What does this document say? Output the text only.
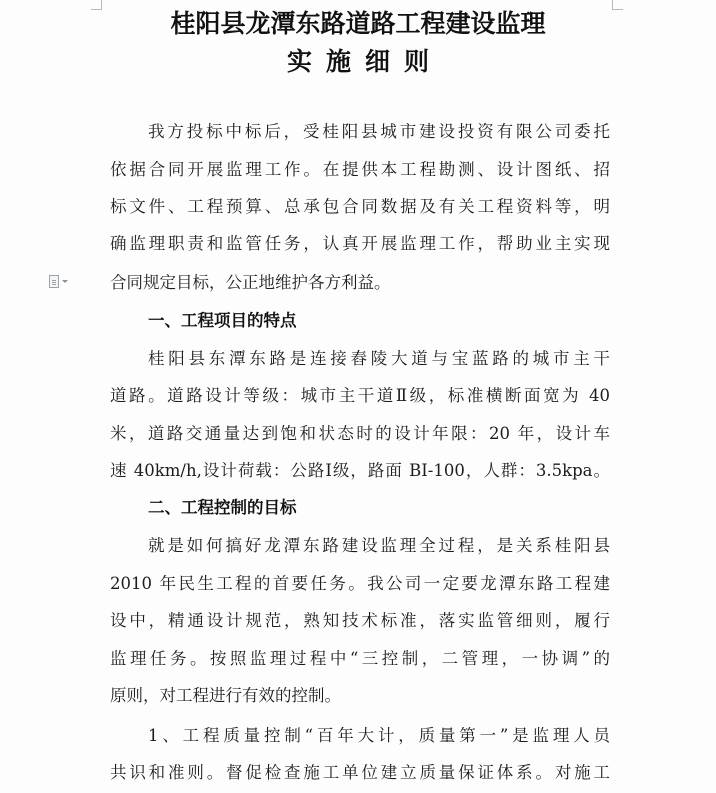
桂阳县龙潭东路道路工程建设监理
实施细则
我方投标中标后，受桂阳县城市建设投资有限公司委托
依据合同开展监理工作。在提供本工程勘测、设计图纸、招
标文件、工程预算、总承包合同数据及有关工程资料等，明
确监理职责和监管任务，认真开展监理工作，帮助业主实现
合同规定目标，公正地维护各方利益。
一、工程项目的特点
桂阳县东潭东路是连接舂陵大道与宝蓝路的城市主干
道路。道路设计等级：城市主干道Ⅱ级，标准横断面宽为 40
米，道路交通量达到饱和状态时的设计年限：20 年，设计车
速 40km/h,设计荷载：公路Ⅰ级，路面 BI-100，人群：3.5kpa。
二、工程控制的目标
就是如何搞好龙潭东路建设监理全过程，是关系桂阳县
2010 年民生工程的首要任务。我公司一定要龙潭东路工程建
设中，精通设计规范，熟知技术标准，落实监管细则，履行
监理任务。按照监理过程中“三控制，二管理，一协调”的
原则，对工程进行有效的控制。
1、工程质量控制“百年大计，质量第一”是监理人员
共识和准则。督促检查施工单位建立质量保证体系。对施工
